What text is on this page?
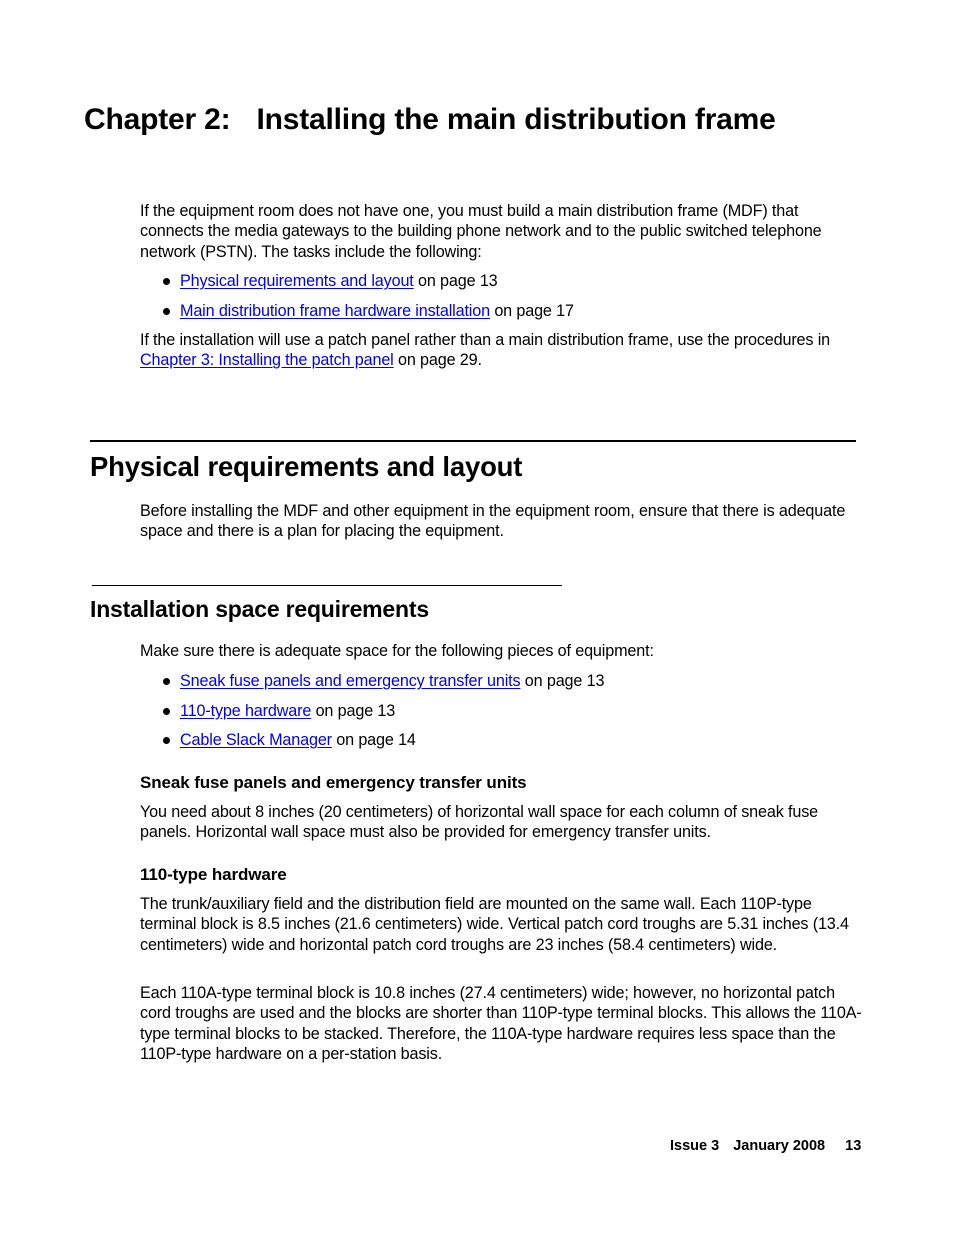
Chapter 2: Installing the main distribution frame
If the equipment room does not have one, you must build a main distribution frame (MDF) that connects the media gateways to the building phone network and to the public switched telephone network (PSTN). The tasks include the following:
Physical requirements and layout on page 13
Main distribution frame hardware installation on page 17
If the installation will use a patch panel rather than a main distribution frame, use the procedures in Chapter 3: Installing the patch panel on page 29.
Physical requirements and layout
Before installing the MDF and other equipment in the equipment room, ensure that there is adequate space and there is a plan for placing the equipment.
Installation space requirements
Make sure there is adequate space for the following pieces of equipment:
Sneak fuse panels and emergency transfer units on page 13
110-type hardware on page 13
Cable Slack Manager on page 14
Sneak fuse panels and emergency transfer units
You need about 8 inches (20 centimeters) of horizontal wall space for each column of sneak fuse panels. Horizontal wall space must also be provided for emergency transfer units.
110-type hardware
The trunk/auxiliary field and the distribution field are mounted on the same wall. Each 110P-type terminal block is 8.5 inches (21.6 centimeters) wide. Vertical patch cord troughs are 5.31 inches (13.4 centimeters) wide and horizontal patch cord troughs are 23 inches (58.4 centimeters) wide.
Each 110A-type terminal block is 10.8 inches (27.4 centimeters) wide; however, no horizontal patch cord troughs are used and the blocks are shorter than 110P-type terminal blocks. This allows the 110A-type terminal blocks to be stacked. Therefore, the 110A-type hardware requires less space than the 110P-type hardware on a per-station basis.
Issue 3 January 2008 13
